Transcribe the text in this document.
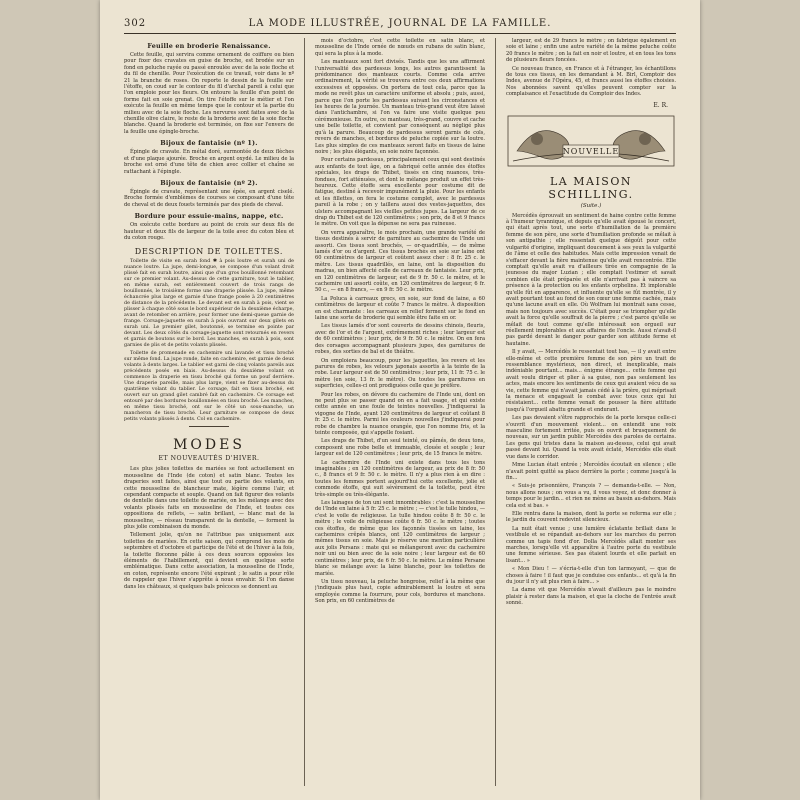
302	LA MODE ILLUSTRÉE, JOURNAL DE LA FAMILLE.
Feuille en broderie Renaissance.

Cette feuille, qui servira comme ornement de coiffure ou bien pour fixer des cravates en guise de broche, est brodée sur un fond en peluche rayée ou passé enroulée avec de la soie floche et du fil de chenille. Pour l'exécution de ce travail, voir dans le nº 21 la branche de roses. On reporte le dessin de la feuille sur l'étoffe, on coud sur le contour du fil d'archal pareil à celui que l'on emploie pour les fleurs. On entoure la feuille d'un point de forme fait en soie grenat. On tire l'étoffe sur le métier et l'on exécute la feuille en même temps que le contour et la partie du milieu avec de la soie floche. Les nervures sont faites avec de la chenille olive claire, le reste de la broderie avec de la soie floche blanche. Quand la broderie est terminée, on fixe sur l'envers de la feuille une épingle-broche.

Bijoux de fantaisie (nº 1).

Épingle de cravate. En métal doré, surmontée de deux flèches et d'une plaque ajourée. Broche en argent oxydé. Le milieu de la broche est orné d'une tête de chien avec collier et chaîne se rattachant à l'épingle.

Bijoux de fantaisie (nº 2).

Épingle de cravate, représentant une épée, en argent ciselé. Broche formée d'emblèmes de courses se composant d'une tête de cheval et de deux fouets terminés par des pieds de cheval.

Bordure pour essuie-mains, nappe, etc.

On exécute cette bordure au point de croix sur deux fils de hauteur et deux fils de largeur de la toile avec du coton bleu et du coton rouge.

DESCRIPTION DE TOILETTES.

Toilette de visite en surah fond ✱ à pois loutre et surah uni de nuance loutre. La jupe, demi-longue, se compose d'un volant droit plissé fait en surah loutre, ainsi que d'un gros bouillonné retombant sur ce premier volant. Au-dessus de cette garniture, tout le tablier, en même surah, est entièrement couvert de trois rangs de bouillonnés, le troisième forme une draperie plissée. La jupe, même échancrée plus large et garnie d'une frange posée à 20 centimètres de distance de la précédente. Le devant est en surah à pois, vient se plisser à chaque côté sous le bord supérieur de la deuxième écharpe, avant de retomber en arrière, pour former une demi-queue garnie de frange. Corsage-jaquette en surah à pois ouvrant sur deux gilets en surah uni. Le premier gilet, boutonné, se termine en pointe par devant. Les deux côtés du corsage-jaquette sont retournés en revers et garnis de boutons sur le bord. Les manches, en surah à pois, sont garnies de plis et de petits volants plissés.

Toilette de promenade en cachemire uni lavande et tissu broché sur même fond. La jupe ronde, faite en cachemire, est garnie de deux volants à dents larges. Le tablier est garni de cinq volants pareils aux précédents posés en biais. Au-dessus du deuxième volant on commence la draperie en tissu broché qui forme un pouf derrière. Une draperie pareille, mais plus large, vient se fixer au-dessus du quatrième volant du tablier. Le corsage, fait en tissu broché, est ouvert sur un grand gilet cambré fait en cachemire. Ce corsage est entouré par des bordures bouillonnées en tissu broché. Les manches, en même tissu broché, ont sur le côté un sous-manche, un mancheron de tissu broché. Leur garniture se compose de deux petits volants plissés à dents. Col en cachemire.

MODES
ET NOUVEAUTÉS D'HIVER.

Les plus jolies toilettes de mariées se font actuellement en mousseline de l'Inde (de coton) et satin blanc. Toutes les draperies sont faites, ainsi que tout ou partie des volants, en cette mousseline de blancheur mate, légère comme l'air, et cependant compacte et souple. Quand on fait figurer des volants de dentelle dans une toilette de mariée, on les mélange avec des volants plissés faits en mousseline de l'Inde, et toutes ces oppositions de reflets, — satin brillant, — blanc mat de la mousseline, — réseau transparent de la dentelle, — forment la plus jolie combinaison du monde.

Tellement jolie, qu'on ne l'attribue pas uniquement aux toilettes de mariées. En cette saison, qui comprend les mois de septembre et d'octobre et participe de l'été et de l'hiver à la fois, la toilette floconne pâlie à ces deux sources opposées les éléments de l'habillement, qui devient en quelque sorte emblématique. Dans cette association, la mousseline de l'Inde, en coton, représente encore l'été expirant ; le satin a pour rôle de rappeler que l'hiver s'apprête à nous envahir. Si l'on danse dans les châteaux, si quelques bals précoces se donnent au

mois d'octobre, c'est cette toilette en satin blanc, et mousseline de l'Inde ornée de nœuds en rubans de satin blanc, qui sera la plus à la mode.

Les manteaux sont fort divisés. Tandis que les uns affirment l'universalité des pardessus longs, les autres garantissent la prédominance des manteaux courts. Comme cela arrive ordinairement, la vérité se trouvera entre ces deux affirmations excessives et opposées. On portera de tout cela, parce que la mode ne revêt plus un caractère uniforme et absolu ; puis, aussi, parce que l'on porte les pardessus suivant les circonstances et les heures de la journée. Un manteau très-grand veut être laissé dans l'antichambre, si l'on va faire une visite quelque peu cérémonieuse. En outre, ce manteau, très-grand, couvre et cache une belle toilette, et convient par conséquent au négligé plus qu'à la parure. Beaucoup de pardessus seront garnis de cols, revers de manches, et bordures de peluche copiée sur la loutre. Les plus simples de ces manteaux seront faits en tissus de laine noire ; les plus élégants, en soie noire façonnée.

Pour certains pardessus, principalement ceux qui sont destinés aux enfants de tout âge, on a fabriqué cette année des étoffes spéciales, les draps de Thibet, tissés en cinq nuances, très-fondues, fort atténuées, et dont le mélange produit un effet très-heureux. Cette étoffe sera excellente pour costume dit de fatigue, destiné à recevoir impunément la pluie. Pour les enfants et les fillettes, on fera le costume complet, avec le pardessus pareil à la robe ; on y taillera aussi des vestes-jaquettes, des ulsters accompagnant les vieilles petites jupes. La largeur de ce drap du Thibet est de 120 centimètres ; son prix, de 8 et 9 francs le mètre. On voit que la dépense ne sera pas ruineuse.

On verra apparaître, le mois prochain, une grande variété de tissus destinés à servir de garniture au cachemire de l'Inde uni assorti. Ces tissus sont brochés, — or-quadrillés, — de même lamés d'or ou d'argent. Ces tissus brochés en soie sur laine ont 60 centimètres de largeur et coûtent assez cher : 8 fr. 25 c. le mètre. Les tissus quadrillés, en laine, ont la disposition du madras, un bien affecté celle de carreaux de fantaisie. Leur prix, en 120 centimètres de largeur, est de 9 fr. 50 c. le mètre, et le cachemire uni assorti coûte, en 120 centimètres de largeur, 6 fr. 50 c., — en 8 francs, — en 9 fr. 50 c. le mètre.

La Poluca à carreaux grecs, en soie, sur fond de laine, a 60 centimètres de largeur et coûte 7 francs le mètre. À disposition en est charmante : les carreaux en relief forment sur le fond en laine une sorte de broderie qui semble être faite en or.

Les tissus lamés d'or sont couverts de dessins chinois, fleuris, avec de l'or et de l'argent, extrêmement riches ; leur largeur est de 60 centimètres ; leur prix, de 9 fr. 50 c. le mètre. On en fera des corsages accompagnant plusieurs jupes, des garnitures de robes, des sorties de bal et de théâtre.

On emploiera beaucoup, pour les jaquettes, les revers et les parures de robes, les velours japonais assortis à la teinte de la robe. Leur largeur est de 50 centimètres ; leur prix, 11 fr. 75 c. le mètre (en soie, 13 fr. le mètre). Ou toutes les garnitures en superficies, celles-ci ont prodiguées celle que je préfère.

Pour les robes, on dévore du cachemire de l'Inde uni, dont on ne peut plus se passer quand on en a fait usage, et qui existe cette année en une foule de teintes nouvelles. J'indiquerai la vigogne de l'Inde, ayant 120 centimètres de largeur et coûtant 8 fr. 25 c. le mètre. Parmi les couleurs nouvelles j'indiquerai pour robe de chambre la nuance orangée, que l'on nomme fris, et la teinte composée, qui s'appelle fosiant.

Les draps de Thibet, d'un seul teinté, ou pâmés, de deux tons, composent une robe belle et immuable, clouée et souple ; leur largeur est de 120 centimètres ; leur prix, de 15 francs le mètre.

Le cachemire de l'Inde uni existe dans tous les tons imaginables ; en 120 centimètres de largeur, au prix de 8 fr. 50 c., 8 francs et 9 fr. 50 c. le mètre. Il n'y a plus rien à en dire : toutes les femmes portent aujourd'hui cette excellente, jolie et commode étoffe, qui suit sévèrement de la toilette, peut être très-simple ou très-élégante.

Les lainages de ton uni sont innombrables : c'est la mousseline de l'Inde en laine à 5 fr. 25 c. le mètre ; — c'est le tulle hindou, — c'est le voile de religieuse. Le tulle hindou coûte 8 fr. 50 c. le mètre ; le voile de religieuse coûte 6 fr. 50 c. le mètre ; toutes ces étoffes, de même que les façonnés tissées en laine, les cachemires crêpés blancs, ont 120 centimètres de largeur ; mêmes tissus en soie. Mais je réserve une mention particulière aux jolis Persans : mate qui se mélangeront avec du cachemire noir uni ou bien avec de la soie noire ; leur largeur est de 60 centimètres ; leur prix, de 6 fr. 50 c. le mètre. Le même Persane blanc se mélange avec la laine blanche, pour les toilettes de mariée.

Un tissu nouveau, la peluche hongroise, relief à la même que j'indiquais plus haut, copie admirablement la loutre et sera employée comme la fourrure, pour cols, bordures et manchons. Son prix, en 60 centimètres de

largeur, est de 29 francs le mètre ; on fabrique également en soie et laine ; enfin une autre variété de la même peluche coûte 20 francs le mètre ; on la fait en noir et loutre, et en tous les tons de plusieurs fleurs foncées.

Ce nouveau franco, en France et à l'étranger, les échantillons de tous ces tissus, en les demandant à M. Birl, Comptoir des Indes, avenue de l'Opéra, 45, et francs aussi les étoffes choisies. Nos abonnées savent qu'elles peuvent compter sur la complaisance et l'exactitude du Comptoir des Indes.

E. R.
NOUVELLE
LA MAISON SCHILLING.
(Suite.)

Mercédès éprouvait un sentiment de haine contre cette femme à l'humeur tyrannique, et depuis qu'elle avait épousé le concert, qui était après tout, une sorte d'humiliation de la première femme de son père, une sorte d'humiliation profonde se mêlait à son antipathie ; elle ressentait quelque dégoût pour cette vulgarité d'origine, impliquant doucement à ses yeux la vulgarité de l'âme et celle des habitudes. Mais cette impression venait de s'effacer devant la fière maintenue qu'elle avait rencontrée. Elle comptait qu'elle avait vu d'ailleurs tirée en compagnie de la jeunesse du major Luzian ; elle comptait l'estimer et savait combien elle était préparée et elle n'arrivait pas à vaincre sa présence à la protection ou les enfants orphelins. Et implorable qu'elle fût en apparence, et influente qu'elle se fût montrée, il y avait pourtant tout au fond de son cœur une femme cachée, mais qu'une lacune avait en elle. Où Wolfram lui montrait sans cesse, mais non toujours avec succès. C'était pour se triompher qu'elle avait la force qu'elle souffrait de la pierre ; c'est parce qu'elle se mêlait de tout comme qu'elle intéressait son orgueil sur réellement implorables et aux affaires de l'oncle. Aussi n'avait-il pas gardé devant le danger pour garder son attitude ferme et hautaine.

Il y avait, — Mercédès le ressentait tout bas, — il y avait entre elle-même et cette première femme de son père un trait de ressemblance mystérieux, non direct, et inexplicable, mais indéniable pourtant... mais... énigme étrange... cette femme qui avait voulu diriger et plier à sa guise, non pas seulement les actes, mais encore les sentiments de ceux qui avaient vécu de sa vie, cette femme qui n'avait jamais cédé à la prière, qui méprisait la menace et engageait le combat avec tous ceux qui lui résistaient... cette femme venait de pousser la fière attitude jusqu'à l'orgueil abattu grande et endurant.

Les pas devaient s'être rapprochés de la porte lorsque celle-ci s'ouvrit d'un mouvement violent... on entendit une voix masculine fortement irritée, puis on ouvrit et brusquement de nouveau, sur un jardin public Mercédès des paroles de certains. Les gens qui tristes dans la maison au-dessus, celui qui avait passé devant lui. Quand la voix avait éclaté, Mercédès elle était vue dans le corridor.

Mme Lucian était entrée ; Mercédès écoutait en silence ; elle n'avait point quitté sa place derrière la porte ; comme jusqu'à la fin...

« Suis-je prisonnière, François ? — demanda-t-elle. — Non, nous allons nous ; on vous a vu, il vous voyez, et donc donner à temps pour le jardin... et rien ne mène au bassin au-dehors. Mais cela est si bas. »

Elle rentra dans la maison, dont la porte se referma sur elle ; le jardin du couvent redevint silencieux.

La nuit était venue ; une lumière éclatante brillait dans le vestibule et se répandait au-dehors sur les marches du perron comme un tapis fond d'or. Dolla Mercédès allait monter ses marches, lorsqu'elle vit apparaître à l'autre porte du vestibule une femme sérieuse. Ses pas étaient lourds et elle parlait en lisant... »

« Mon Dieu ! — s'écria-t-elle d'un ton larmoyant, — que de choses à faire ! il faut que je conduise ces enfants... et qu'à la fin du jour il n'y ait plus rien à faire... »

La dame vit que Mercédès n'avait d'ailleurs pas le moindre plaisir à rester dans la maison, et que la cloche de l'entrée avait sonné.
